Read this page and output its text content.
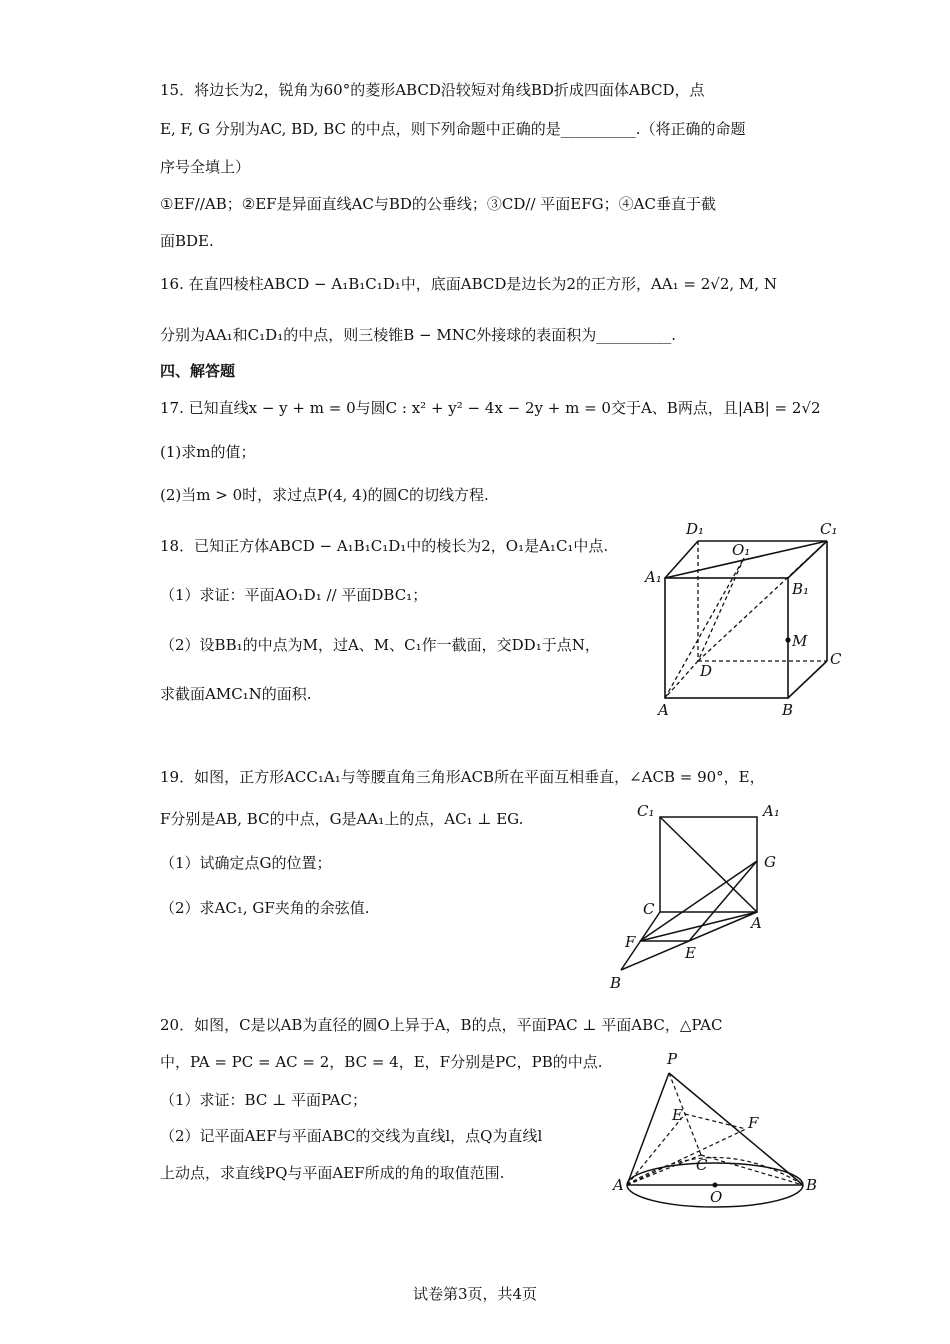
15．将边长为2，锐角为60°的菱形ABCD沿较短对角线BD折成四面体ABCD，点
E, F, G 分别为AC, BD, BC 的中点，则下列命题中正确的是__________.（将正确的命题
序号全填上）
①EF//AB；②EF是异面直线AC与BD的公垂线；③CD// 平面EFG；④AC垂直于截
面BDE.
16. 在直四棱柱ABCD − A₁B₁C₁D₁中，底面ABCD是边长为2的正方形，AA₁ = 2√2, M, N
分别为AA₁和C₁D₁的中点，则三棱锥B − MNC外接球的表面积为__________.
四、解答题
17. 已知直线x − y + m = 0与圆C : x² + y² − 4x − 2y + m = 0交于A、B两点，且|AB| = 2√2
(1)求m的值；
(2)当m > 0时，求过点P(4, 4)的圆C的切线方程.
18．已知正方体ABCD − A₁B₁C₁D₁中的棱长为2，O₁是A₁C₁中点.
（1）求证：平面AO₁D₁ // 平面DBC₁；
（2）设BB₁的中点为M，过A、M、C₁作一截面，交DD₁于点N，
求截面AMC₁N的面积.
D₁	C₁
O₁
A₁
B₁
M
D
C
A	B
19．如图，正方形ACC₁A₁与等腰直角三角形ACB所在平面互相垂直，∠ACB = 90°，E，
F分别是AB, BC的中点，G是AA₁上的点，AC₁ ⊥ EG.
（1）试确定点G的位置；
（2）求AC₁, GF夹角的余弦值.
C₁	A₁
G
C
A
F
E
B
20．如图，C是以AB为直径的圆O上异于A，B的点，平面PAC ⊥ 平面ABC，△PAC
中，PA = PC = AC = 2，BC = 4，E，F分别是PC，PB的中点.
（1）求证：BC ⊥ 平面PAC；
（2）记平面AEF与平面ABC的交线为直线l，点Q为直线l
上动点，求直线PQ与平面AEF所成的角的取值范围.
P
E	F
C
A
O
B
试卷第3页，共4页
